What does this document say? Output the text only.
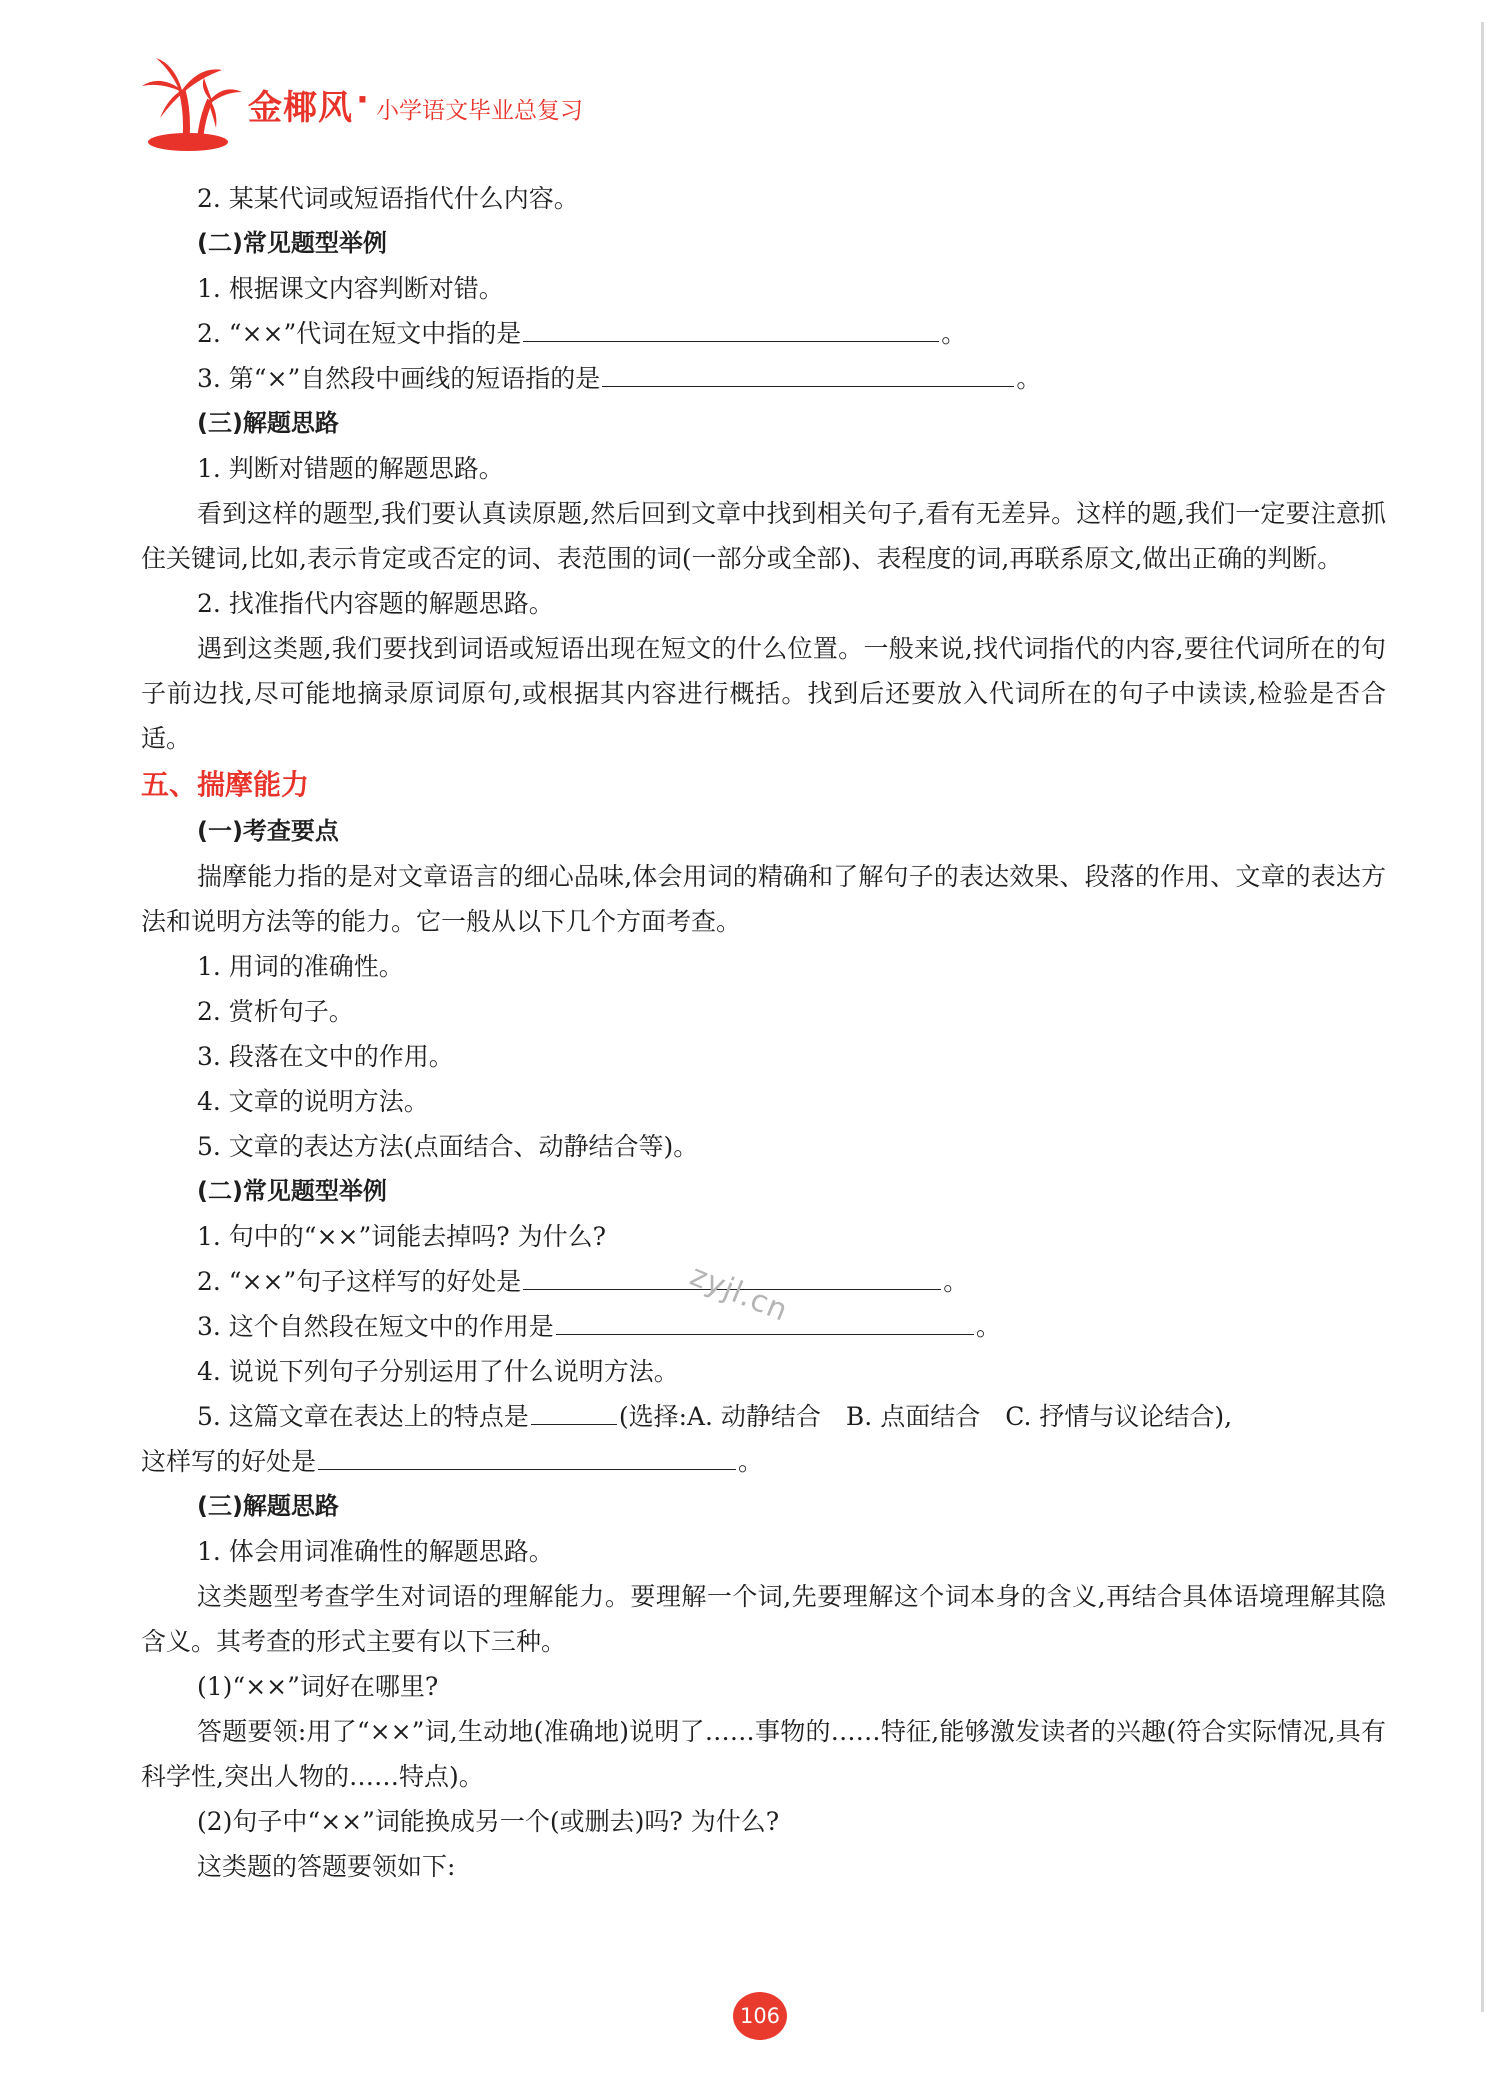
金椰风 · 小学语文毕业总复习
2. 某某代词或短语指代什么内容。
(二)常见题型举例
1. 根据课文内容判断对错。
2. “××”代词在短文中指的是	。
3. 第“×”自然段中画线的短语指的是	。
(三)解题思路
1. 判断对错题的解题思路。
看到这样的题型,我们要认真读原题,然后回到文章中找到相关句子,看有无差异。这样的题,我们一定要注意抓住关键词,比如,表示肯定或否定的词、表范围的词(一部分或全部)、表程度的词,再联系原文,做出正确的判断。
2. 找准指代内容题的解题思路。
遇到这类题,我们要找到词语或短语出现在短文的什么位置。一般来说,找代词指代的内容,要往代词所在的句子前边找,尽可能地摘录原词原句,或根据其内容进行概括。找到后还要放入代词所在的句子中读读,检验是否合适。
五、揣摩能力
(一)考查要点
揣摩能力指的是对文章语言的细心品味,体会用词的精确和了解句子的表达效果、段落的作用、文章的表达方法和说明方法等的能力。它一般从以下几个方面考查。
1. 用词的准确性。
2. 赏析句子。
3. 段落在文中的作用。
4. 文章的说明方法。
5. 文章的表达方法(点面结合、动静结合等)。
(二)常见题型举例
1. 句中的“××”词能去掉吗? 为什么?
2. “××”句子这样写的好处是	。
3. 这个自然段在短文中的作用是	。
4. 说说下列句子分别运用了什么说明方法。
5. 这篇文章在表达上的特点是	(选择:A. 动静结合　B. 点面结合　C. 抒情与议论结合),
这样写的好处是	。
(三)解题思路
1. 体会用词准确性的解题思路。
这类题型考查学生对词语的理解能力。要理解一个词,先要理解这个词本身的含义,再结合具体语境理解其隐含义。其考查的形式主要有以下三种。
(1)“××”词好在哪里?
答题要领:用了“××”词,生动地(准确地)说明了……事物的……特征,能够激发读者的兴趣(符合实际情况,具有科学性,突出人物的……特点)。
(2)句子中“××”词能换成另一个(或删去)吗? 为什么?
这类题的答题要领如下:
zyjl.cn
106
